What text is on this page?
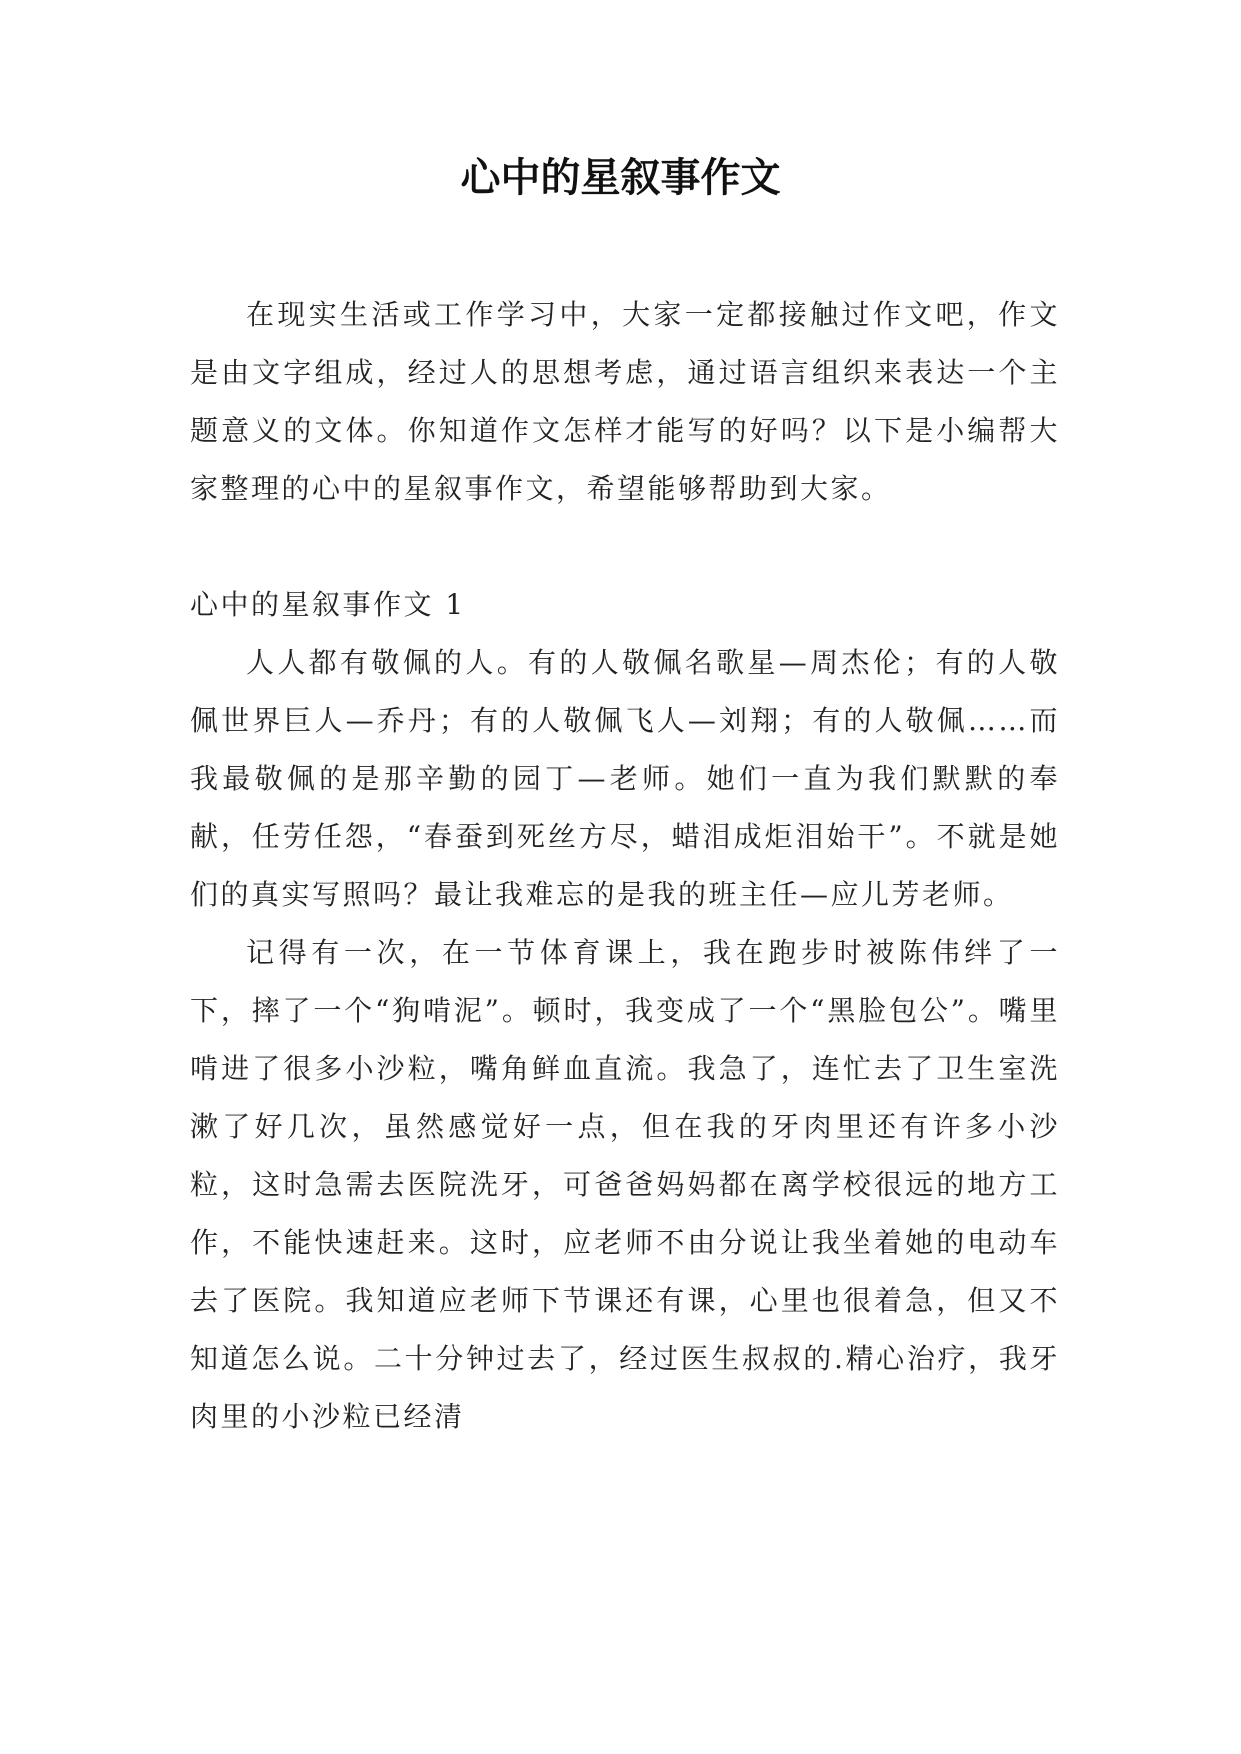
心中的星叙事作文

在现实生活或工作学习中，大家一定都接触过作文吧，作文是由文字组成，经过人的思想考虑，通过语言组织来表达一个主题意义的文体。你知道作文怎样才能写的好吗？以下是小编帮大家整理的心中的星叙事作文，希望能够帮助到大家。

心中的星叙事作文 1

人人都有敬佩的人。有的人敬佩名歌星—周杰伦；有的人敬佩世界巨人—乔丹；有的人敬佩飞人—刘翔；有的人敬佩……而我最敬佩的是那辛勤的园丁—老师。她们一直为我们默默的奉献，任劳任怨，“春蚕到死丝方尽，蜡泪成炬泪始干”。不就是她们的真实写照吗？最让我难忘的是我的班主任—应儿芳老师。

记得有一次，在一节体育课上，我在跑步时被陈伟绊了一下，摔了一个“狗啃泥”。顿时，我变成了一个“黑脸包公”。嘴里啃进了很多小沙粒，嘴角鲜血直流。我急了，连忙去了卫生室洗漱了好几次，虽然感觉好一点，但在我的牙肉里还有许多小沙粒，这时急需去医院洗牙，可爸爸妈妈都在离学校很远的地方工作，不能快速赶来。这时，应老师不由分说让我坐着她的电动车去了医院。我知道应老师下节课还有课，心里也很着急，但又不知道怎么说。二十分钟过去了，经过医生叔叔的.精心治疗，我牙肉里的小沙粒已经清
